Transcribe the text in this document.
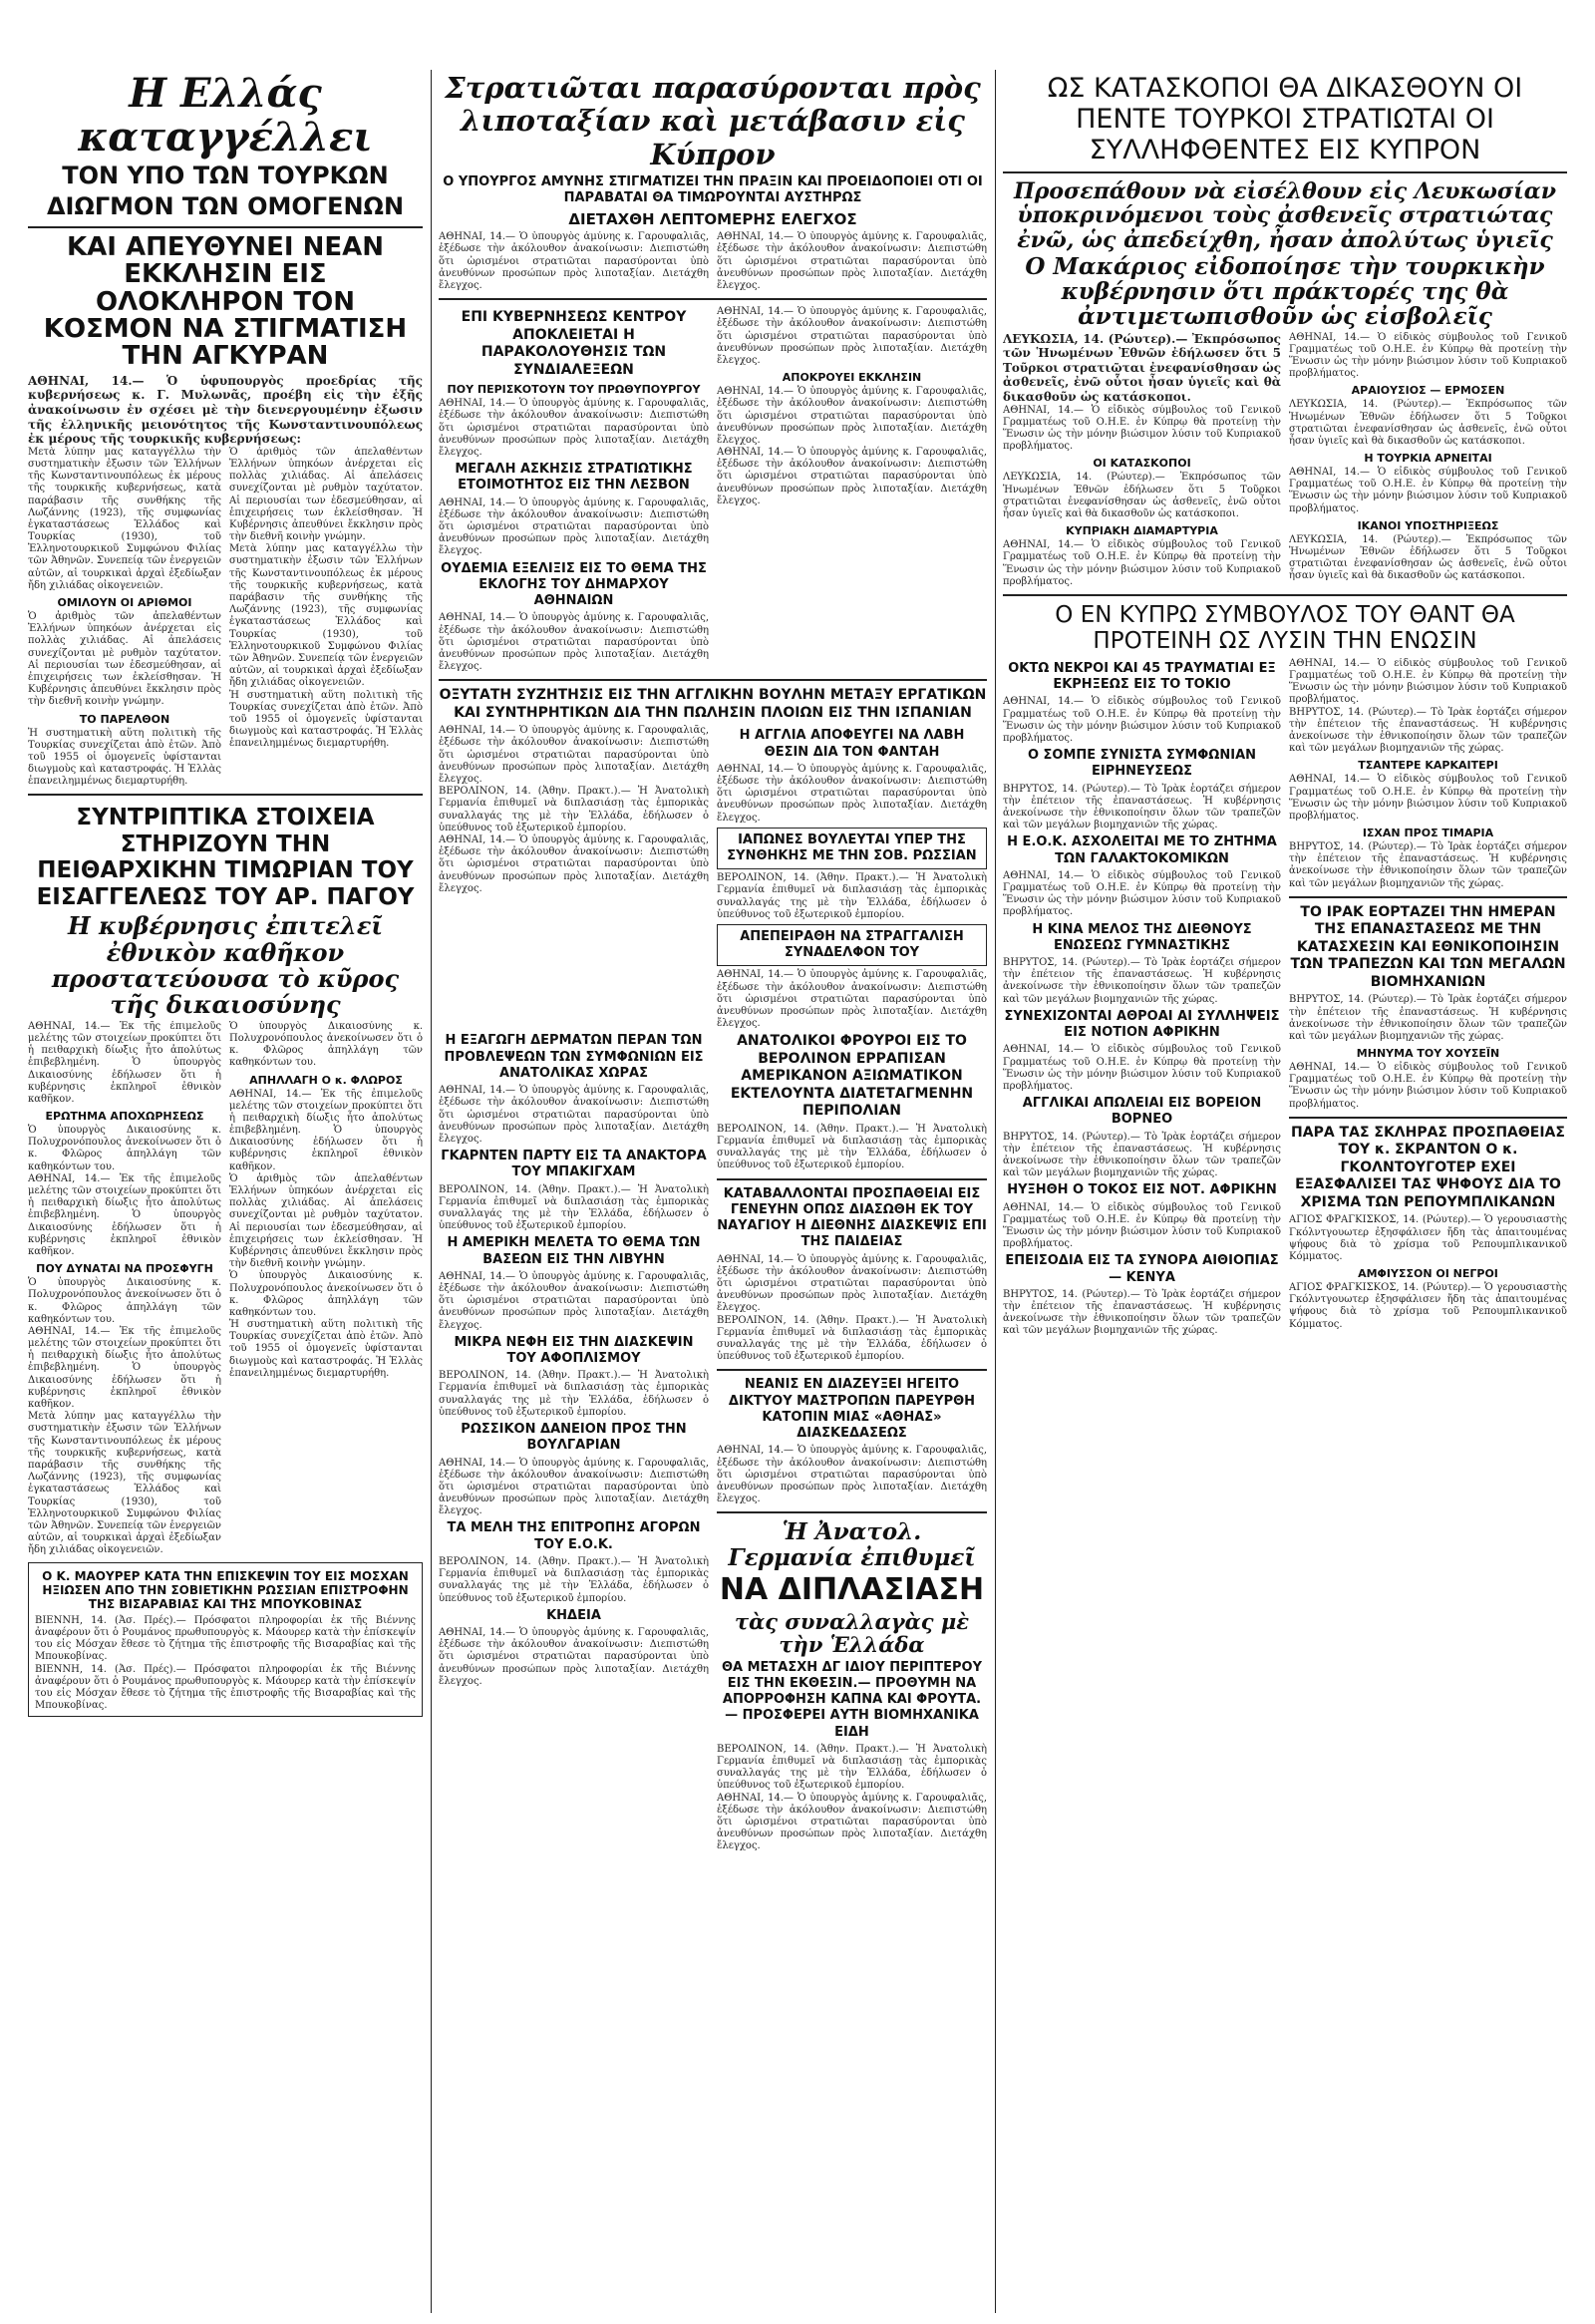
Η Ελλάς καταγγέλλει
ΤΟΝ ΥΠΟ ΤΩΝ ΤΟΥΡΚΩΝ
ΔΙΩΓΜΟΝ ΤΩΝ ΟΜΟΓΕΝΩΝ
ΚΑΙ ΑΠΕΥΘΥΝΕΙ ΝΕΑΝ ΕΚΚΛΗΣΙΝ ΕΙΣ ΟΛΟΚΛΗΡΟΝ ΤΟΝ ΚΟΣΜΟΝ ΝΑ ΣΤΙΓΜΑΤΙΣΗ ΤΗΝ ΑΓΚΥΡΑΝ

ΑΘΗΝΑΙ, 14.— Ὁ ὑφυπουργὸς προεδρίας τῆς κυβερνήσεως κ. Γ. Μυλωνᾶς, προέβη εἰς τὴν ἑξῆς ἀνακοίνωσιν ἐν σχέσει μὲ τὴν διενεργουμένην ἐξωσιν τῆς ἑλληνικῆς μειονότητος τῆς Κωνσταντινουπόλεως ἐκ μέρους τῆς τουρκικῆς κυβερνήσεως:

Μετὰ λύπην μας καταγγέλλω τὴν συστηματικὴν ἐξωσιν τῶν Ἑλλήνων τῆς Κωνσταντινουπόλεως ἐκ μέρους τῆς τουρκικῆς κυβερνήσεως, κατὰ παράβασιν τῆς συνθήκης τῆς Λωζάννης (1923), τῆς συμφωνίας ἐγκαταστάσεως Ἑλλάδος καὶ Τουρκίας (1930), τοῦ Ἑλληνοτουρκικοῦ Συμφώνου Φιλίας τῶν Ἀθηνῶν. Συνεπείᾳ τῶν ἐνεργειῶν αὐτῶν, αἱ τουρκικαὶ ἀρχαὶ ἐξεδίωξαν ἤδη χιλιάδας οἰκογενειῶν.

ΟΜΙΛΟΥΝ ΟΙ ΑΡΙΘΜΟΙ

Ὁ ἀριθμὸς τῶν ἀπελαθέντων Ἑλλήνων ὑπηκόων ἀνέρχεται εἰς πολλὰς χιλιάδας. Αἱ ἀπελάσεις συνεχίζονται μὲ ρυθμὸν ταχύτατον. Αἱ περιουσίαι των ἐδεσμεύθησαν, αἱ ἐπιχειρήσεις των ἐκλείσθησαν. Ἡ Κυβέρνησις ἀπευθύνει ἔκκλησιν πρὸς τὴν διεθνῆ κοινὴν γνώμην.

ΤΟ ΠΑΡΕΛΘΟΝ

Ἡ συστηματικὴ αὕτη πολιτικὴ τῆς Τουρκίας συνεχίζεται ἀπὸ ἐτῶν. Ἀπὸ τοῦ 1955 οἱ ὁμογενεῖς ὑφίστανται διωγμοὺς καὶ καταστροφάς. Ἡ Ἑλλὰς ἐπανειλημμένως διεμαρτυρήθη.

Ὁ ἀριθμὸς τῶν ἀπελαθέντων Ἑλλήνων ὑπηκόων ἀνέρχεται εἰς πολλὰς χιλιάδας. Αἱ ἀπελάσεις συνεχίζονται μὲ ρυθμὸν ταχύτατον. Αἱ περιουσίαι των ἐδεσμεύθησαν, αἱ ἐπιχειρήσεις των ἐκλείσθησαν. Ἡ Κυβέρνησις ἀπευθύνει ἔκκλησιν πρὸς τὴν διεθνῆ κοινὴν γνώμην.

Μετὰ λύπην μας καταγγέλλω τὴν συστηματικὴν ἐξωσιν τῶν Ἑλλήνων τῆς Κωνσταντινουπόλεως ἐκ μέρους τῆς τουρκικῆς κυβερνήσεως, κατὰ παράβασιν τῆς συνθήκης τῆς Λωζάννης (1923), τῆς συμφωνίας ἐγκαταστάσεως Ἑλλάδος καὶ Τουρκίας (1930), τοῦ Ἑλληνοτουρκικοῦ Συμφώνου Φιλίας τῶν Ἀθηνῶν. Συνεπείᾳ τῶν ἐνεργειῶν αὐτῶν, αἱ τουρκικαὶ ἀρχαὶ ἐξεδίωξαν ἤδη χιλιάδας οἰκογενειῶν.

Ἡ συστηματικὴ αὕτη πολιτικὴ τῆς Τουρκίας συνεχίζεται ἀπὸ ἐτῶν. Ἀπὸ τοῦ 1955 οἱ ὁμογενεῖς ὑφίστανται διωγμοὺς καὶ καταστροφάς. Ἡ Ἑλλὰς ἐπανειλημμένως διεμαρτυρήθη.

ΣΥΝΤΡΙΠΤΙΚΑ ΣΤΟΙΧΕΙΑ ΣΤΗΡΙΖΟΥΝ ΤΗΝ ΠΕΙΘΑΡΧΙΚΗΝ ΤΙΜΩΡΙΑΝ ΤΟΥ ΕΙΣΑΓΓΕΛΕΩΣ ΤΟΥ ΑΡ. ΠΑΓΟΥ
Η κυβέρνησις ἐπιτελεῖ ἐθνικὸν καθῆκον προστατεύουσα τὸ κῦρος τῆς δικαιοσύνης

ΑΘΗΝΑΙ, 14.— Ἐκ τῆς ἐπιμελοῦς μελέτης τῶν στοιχείων προκύπτει ὅτι ἡ πειθαρχικὴ δίωξις ἦτο ἀπολύτως ἐπιβεβλημένη. Ὁ ὑπουργὸς Δικαιοσύνης ἐδήλωσεν ὅτι ἡ κυβέρνησις ἐκπληροῖ ἐθνικὸν καθῆκον.

ΕΡΩΤΗΜΑ ΑΠΟΧΩΡΗΣΕΩΣ

Ὁ ὑπουργὸς Δικαιοσύνης κ. Πολυχρονόπουλος ἀνεκοίνωσεν ὅτι ὁ κ. Φλῶρος ἀπηλλάγη τῶν καθηκόντων του.

ΑΘΗΝΑΙ, 14.— Ἐκ τῆς ἐπιμελοῦς μελέτης τῶν στοιχείων προκύπτει ὅτι ἡ πειθαρχικὴ δίωξις ἦτο ἀπολύτως ἐπιβεβλημένη. Ὁ ὑπουργὸς Δικαιοσύνης ἐδήλωσεν ὅτι ἡ κυβέρνησις ἐκπληροῖ ἐθνικὸν καθῆκον.

ΠΟΥ ΔΥΝΑΤΑΙ ΝΑ ΠΡΟΣΦΥΓΗ

Ὁ ὑπουργὸς Δικαιοσύνης κ. Πολυχρονόπουλος ἀνεκοίνωσεν ὅτι ὁ κ. Φλῶρος ἀπηλλάγη τῶν καθηκόντων του.

ΑΘΗΝΑΙ, 14.— Ἐκ τῆς ἐπιμελοῦς μελέτης τῶν στοιχείων προκύπτει ὅτι ἡ πειθαρχικὴ δίωξις ἦτο ἀπολύτως ἐπιβεβλημένη. Ὁ ὑπουργὸς Δικαιοσύνης ἐδήλωσεν ὅτι ἡ κυβέρνησις ἐκπληροῖ ἐθνικὸν καθῆκον.

Μετὰ λύπην μας καταγγέλλω τὴν συστηματικὴν ἐξωσιν τῶν Ἑλλήνων τῆς Κωνσταντινουπόλεως ἐκ μέρους τῆς τουρκικῆς κυβερνήσεως, κατὰ παράβασιν τῆς συνθήκης τῆς Λωζάννης (1923), τῆς συμφωνίας ἐγκαταστάσεως Ἑλλάδος καὶ Τουρκίας (1930), τοῦ Ἑλληνοτουρκικοῦ Συμφώνου Φιλίας τῶν Ἀθηνῶν. Συνεπείᾳ τῶν ἐνεργειῶν αὐτῶν, αἱ τουρκικαὶ ἀρχαὶ ἐξεδίωξαν ἤδη χιλιάδας οἰκογενειῶν.

Ὁ ὑπουργὸς Δικαιοσύνης κ. Πολυχρονόπουλος ἀνεκοίνωσεν ὅτι ὁ κ. Φλῶρος ἀπηλλάγη τῶν καθηκόντων του.

ΑΠΗΛΛΑΓΗ Ο κ. ΦΛΩΡΟΣ

ΑΘΗΝΑΙ, 14.— Ἐκ τῆς ἐπιμελοῦς μελέτης τῶν στοιχείων προκύπτει ὅτι ἡ πειθαρχικὴ δίωξις ἦτο ἀπολύτως ἐπιβεβλημένη. Ὁ ὑπουργὸς Δικαιοσύνης ἐδήλωσεν ὅτι ἡ κυβέρνησις ἐκπληροῖ ἐθνικὸν καθῆκον.

Ὁ ἀριθμὸς τῶν ἀπελαθέντων Ἑλλήνων ὑπηκόων ἀνέρχεται εἰς πολλὰς χιλιάδας. Αἱ ἀπελάσεις συνεχίζονται μὲ ρυθμὸν ταχύτατον. Αἱ περιουσίαι των ἐδεσμεύθησαν, αἱ ἐπιχειρήσεις των ἐκλείσθησαν. Ἡ Κυβέρνησις ἀπευθύνει ἔκκλησιν πρὸς τὴν διεθνῆ κοινὴν γνώμην.

Ὁ ὑπουργὸς Δικαιοσύνης κ. Πολυχρονόπουλος ἀνεκοίνωσεν ὅτι ὁ κ. Φλῶρος ἀπηλλάγη τῶν καθηκόντων του.

Ἡ συστηματικὴ αὕτη πολιτικὴ τῆς Τουρκίας συνεχίζεται ἀπὸ ἐτῶν. Ἀπὸ τοῦ 1955 οἱ ὁμογενεῖς ὑφίστανται διωγμοὺς καὶ καταστροφάς. Ἡ Ἑλλὰς ἐπανειλημμένως διεμαρτυρήθη.

Ο Κ. ΜΑΟΥΡΕΡ ΚΑΤΑ ΤΗΝ ΕΠΙΣΚΕΨΙΝ ΤΟΥ ΕΙΣ ΜΟΣΧΑΝ ΗΞΙΩΣΕΝ ΑΠΟ ΤΗΝ ΣΟΒΙΕΤΙΚΗΝ ΡΩΣΣΙΑΝ ΕΠΙΣΤΡΟΦΗΝ ΤΗΣ ΒΙΣΑΡΑΒΙΑΣ ΚΑΙ ΤΗΣ ΜΠΟΥΚΟΒΙΝΑΣ

ΒΙΕΝΝΗ, 14. (Ἀσ. Πρές).— Πρόσφατοι πληροφορίαι ἐκ τῆς Βιέννης ἀναφέρουν ὅτι ὁ Ρουμάνος πρωθυπουργὸς κ. Μάουρερ κατὰ τὴν ἐπίσκεψίν του εἰς Μόσχαν ἔθεσε τὸ ζήτημα τῆς ἐπιστροφῆς τῆς Βισαραβίας καὶ τῆς Μπουκοβίνας.

ΒΙΕΝΝΗ, 14. (Ἀσ. Πρές).— Πρόσφατοι πληροφορίαι ἐκ τῆς Βιέννης ἀναφέρουν ὅτι ὁ Ρουμάνος πρωθυπουργὸς κ. Μάουρερ κατὰ τὴν ἐπίσκεψίν του εἰς Μόσχαν ἔθεσε τὸ ζήτημα τῆς ἐπιστροφῆς τῆς Βισαραβίας καὶ τῆς Μπουκοβίνας.

Στρατιῶται παρασύρονται πρὸς λιποταξίαν καὶ μετάβασιν εἰς Κύπρον
Ο ΥΠΟΥΡΓΟΣ ΑΜΥΝΗΣ ΣΤΙΓΜΑΤΙΖΕΙ ΤΗΝ ΠΡΑΞΙΝ ΚΑΙ ΠΡΟΕΙΔΟΠΟΙΕΙ ΟΤΙ ΟΙ ΠΑΡΑΒΑΤΑΙ ΘΑ ΤΙΜΩΡΟΥΝΤΑΙ ΑΥΣΤΗΡΩΣ
ΔΙΕΤΑΧΘΗ ΛΕΠΤΟΜΕΡΗΣ ΕΛΕΓΧΟΣ

ΑΘΗΝΑΙ, 14.— Ὁ ὑπουργὸς ἀμύνης κ. Γαρουφαλιᾶς, ἐξέδωσε τὴν ἀκόλουθον ἀνακοίνωσιν: Διεπιστώθη ὅτι ὠρισμένοι στρατιῶται παρασύρονται ὑπὸ ἀνευθύνων προσώπων πρὸς λιποταξίαν. Διετάχθη ἔλεγχος.

ΑΘΗΝΑΙ, 14.— Ὁ ὑπουργὸς ἀμύνης κ. Γαρουφαλιᾶς, ἐξέδωσε τὴν ἀκόλουθον ἀνακοίνωσιν: Διεπιστώθη ὅτι ὠρισμένοι στρατιῶται παρασύρονται ὑπὸ ἀνευθύνων προσώπων πρὸς λιποταξίαν. Διετάχθη ἔλεγχος.

ΕΠΙ ΚΥΒΕΡΝΗΣΕΩΣ ΚΕΝΤΡΟΥ ΑΠΟΚΛΕΙΕΤΑΙ Η ΠΑΡΑΚΟΛΟΥΘΗΣΙΣ ΤΩΝ ΣΥΝΔΙΑΛΕΞΕΩΝ
ΠΟΥ ΠΕΡΙΣΚΟΤΟΥΝ ΤΟΥ ΠΡΩΘΥΠΟΥΡΓΟΥ

ΑΘΗΝΑΙ, 14.— Ὁ ὑπουργὸς ἀμύνης κ. Γαρουφαλιᾶς, ἐξέδωσε τὴν ἀκόλουθον ἀνακοίνωσιν: Διεπιστώθη ὅτι ὠρισμένοι στρατιῶται παρασύρονται ὑπὸ ἀνευθύνων προσώπων πρὸς λιποταξίαν. Διετάχθη ἔλεγχος.

ΜΕΓΑΛΗ ΑΣΚΗΣΙΣ ΣΤΡΑΤΙΩΤΙΚΗΣ ΕΤΟΙΜΟΤΗΤΟΣ ΕΙΣ ΤΗΝ ΛΕΣΒΟΝ

ΑΘΗΝΑΙ, 14.— Ὁ ὑπουργὸς ἀμύνης κ. Γαρουφαλιᾶς, ἐξέδωσε τὴν ἀκόλουθον ἀνακοίνωσιν: Διεπιστώθη ὅτι ὠρισμένοι στρατιῶται παρασύρονται ὑπὸ ἀνευθύνων προσώπων πρὸς λιποταξίαν. Διετάχθη ἔλεγχος.

ΟΥΔΕΜΙΑ ΕΞΕΛΙΞΙΣ ΕΙΣ ΤΟ ΘΕΜΑ ΤΗΣ ΕΚΛΟΓΗΣ ΤΟΥ ΔΗΜΑΡΧΟΥ ΑΘΗΝΑΙΩΝ

ΑΘΗΝΑΙ, 14.— Ὁ ὑπουργὸς ἀμύνης κ. Γαρουφαλιᾶς, ἐξέδωσε τὴν ἀκόλουθον ἀνακοίνωσιν: Διεπιστώθη ὅτι ὠρισμένοι στρατιῶται παρασύρονται ὑπὸ ἀνευθύνων προσώπων πρὸς λιποταξίαν. Διετάχθη ἔλεγχος.

ΑΘΗΝΑΙ, 14.— Ὁ ὑπουργὸς ἀμύνης κ. Γαρουφαλιᾶς, ἐξέδωσε τὴν ἀκόλουθον ἀνακοίνωσιν: Διεπιστώθη ὅτι ὠρισμένοι στρατιῶται παρασύρονται ὑπὸ ἀνευθύνων προσώπων πρὸς λιποταξίαν. Διετάχθη ἔλεγχος.

ΑΠΟΚΡΟΥΕΙ ΕΚΚΛΗΣΙΝ

ΑΘΗΝΑΙ, 14.— Ὁ ὑπουργὸς ἀμύνης κ. Γαρουφαλιᾶς, ἐξέδωσε τὴν ἀκόλουθον ἀνακοίνωσιν: Διεπιστώθη ὅτι ὠρισμένοι στρατιῶται παρασύρονται ὑπὸ ἀνευθύνων προσώπων πρὸς λιποταξίαν. Διετάχθη ἔλεγχος.

ΑΘΗΝΑΙ, 14.— Ὁ ὑπουργὸς ἀμύνης κ. Γαρουφαλιᾶς, ἐξέδωσε τὴν ἀκόλουθον ἀνακοίνωσιν: Διεπιστώθη ὅτι ὠρισμένοι στρατιῶται παρασύρονται ὑπὸ ἀνευθύνων προσώπων πρὸς λιποταξίαν. Διετάχθη ἔλεγχος.

ΟΞΥΤΑΤΗ ΣΥΖΗΤΗΣΙΣ ΕΙΣ ΤΗΝ ΑΓΓΛΙΚΗΝ ΒΟΥΛΗΝ ΜΕΤΑΞΥ ΕΡΓΑΤΙΚΩΝ ΚΑΙ ΣΥΝΤΗΡΗΤΙΚΩΝ ΔΙΑ ΤΗΝ ΠΩΛΗΣΙΝ ΠΛΟΙΩΝ ΕΙΣ ΤΗΝ ΙΣΠΑΝΙΑΝ

ΑΘΗΝΑΙ, 14.— Ὁ ὑπουργὸς ἀμύνης κ. Γαρουφαλιᾶς, ἐξέδωσε τὴν ἀκόλουθον ἀνακοίνωσιν: Διεπιστώθη ὅτι ὠρισμένοι στρατιῶται παρασύρονται ὑπὸ ἀνευθύνων προσώπων πρὸς λιποταξίαν. Διετάχθη ἔλεγχος.

ΒΕΡΟΛΙΝΟΝ, 14. (Ἀθην. Πρακτ.).— Ἡ Ἀνατολικὴ Γερμανία ἐπιθυμεῖ νὰ διπλασιάσῃ τὰς ἐμπορικὰς συναλλαγάς της μὲ τὴν Ἑλλάδα, ἐδήλωσεν ὁ ὑπεύθυνος τοῦ ἐξωτερικοῦ ἐμπορίου.

ΑΘΗΝΑΙ, 14.— Ὁ ὑπουργὸς ἀμύνης κ. Γαρουφαλιᾶς, ἐξέδωσε τὴν ἀκόλουθον ἀνακοίνωσιν: Διεπιστώθη ὅτι ὠρισμένοι στρατιῶται παρασύρονται ὑπὸ ἀνευθύνων προσώπων πρὸς λιποταξίαν. Διετάχθη ἔλεγχος.

Η ΑΓΓΛΙΑ ΑΠΟΦΕΥΓΕΙ ΝΑ ΛΑΒΗ ΘΕΣΙΝ ΔΙΑ ΤΟΝ ΦΑΝΤΑΗ

ΑΘΗΝΑΙ, 14.— Ὁ ὑπουργὸς ἀμύνης κ. Γαρουφαλιᾶς, ἐξέδωσε τὴν ἀκόλουθον ἀνακοίνωσιν: Διεπιστώθη ὅτι ὠρισμένοι στρατιῶται παρασύρονται ὑπὸ ἀνευθύνων προσώπων πρὸς λιποταξίαν. Διετάχθη ἔλεγχος.

ΙΑΠΩΝΕΣ ΒΟΥΛΕΥΤΑΙ ΥΠΕΡ ΤΗΣ ΣΥΝΘΗΚΗΣ ΜΕ ΤΗΝ ΣΟΒ. ΡΩΣΣΙΑΝ

ΒΕΡΟΛΙΝΟΝ, 14. (Ἀθην. Πρακτ.).— Ἡ Ἀνατολικὴ Γερμανία ἐπιθυμεῖ νὰ διπλασιάσῃ τὰς ἐμπορικὰς συναλλαγάς της μὲ τὴν Ἑλλάδα, ἐδήλωσεν ὁ ὑπεύθυνος τοῦ ἐξωτερικοῦ ἐμπορίου.

ΑΠΕΠΕΙΡΑΘΗ ΝΑ ΣΤΡΑΓΓΑΛΙΣΗ ΣΥΝΑΔΕΛΦΟΝ ΤΟΥ

ΑΘΗΝΑΙ, 14.— Ὁ ὑπουργὸς ἀμύνης κ. Γαρουφαλιᾶς, ἐξέδωσε τὴν ἀκόλουθον ἀνακοίνωσιν: Διεπιστώθη ὅτι ὠρισμένοι στρατιῶται παρασύρονται ὑπὸ ἀνευθύνων προσώπων πρὸς λιποταξίαν. Διετάχθη ἔλεγχος.

Η ΕΞΑΓΩΓΗ ΔΕΡΜΑΤΩΝ ΠΕΡΑΝ ΤΩΝ ΠΡΟΒΛΕΨΕΩΝ ΤΩΝ ΣΥΜΦΩΝΙΩΝ ΕΙΣ ΑΝΑΤΟΛΙΚΑΣ ΧΩΡΑΣ

ΑΘΗΝΑΙ, 14.— Ὁ ὑπουργὸς ἀμύνης κ. Γαρουφαλιᾶς, ἐξέδωσε τὴν ἀκόλουθον ἀνακοίνωσιν: Διεπιστώθη ὅτι ὠρισμένοι στρατιῶται παρασύρονται ὑπὸ ἀνευθύνων προσώπων πρὸς λιποταξίαν. Διετάχθη ἔλεγχος.

ΓΚΑΡΝΤΕΝ ΠΑΡΤΥ ΕΙΣ ΤΑ ΑΝΑΚΤΟΡΑ ΤΟΥ ΜΠΑΚΙΓΧΑΜ

ΒΕΡΟΛΙΝΟΝ, 14. (Ἀθην. Πρακτ.).— Ἡ Ἀνατολικὴ Γερμανία ἐπιθυμεῖ νὰ διπλασιάσῃ τὰς ἐμπορικὰς συναλλαγάς της μὲ τὴν Ἑλλάδα, ἐδήλωσεν ὁ ὑπεύθυνος τοῦ ἐξωτερικοῦ ἐμπορίου.

Η ΑΜΕΡΙΚΗ ΜΕΛΕΤΑ ΤΟ ΘΕΜΑ ΤΩΝ ΒΑΣΕΩΝ ΕΙΣ ΤΗΝ ΛΙΒΥΗΝ

ΑΘΗΝΑΙ, 14.— Ὁ ὑπουργὸς ἀμύνης κ. Γαρουφαλιᾶς, ἐξέδωσε τὴν ἀκόλουθον ἀνακοίνωσιν: Διεπιστώθη ὅτι ὠρισμένοι στρατιῶται παρασύρονται ὑπὸ ἀνευθύνων προσώπων πρὸς λιποταξίαν. Διετάχθη ἔλεγχος.

ΜΙΚΡΑ ΝΕΦΗ ΕΙΣ ΤΗΝ ΔΙΑΣΚΕΨΙΝ ΤΟΥ ΑΦΟΠΛΙΣΜΟΥ

ΒΕΡΟΛΙΝΟΝ, 14. (Ἀθην. Πρακτ.).— Ἡ Ἀνατολικὴ Γερμανία ἐπιθυμεῖ νὰ διπλασιάσῃ τὰς ἐμπορικὰς συναλλαγάς της μὲ τὴν Ἑλλάδα, ἐδήλωσεν ὁ ὑπεύθυνος τοῦ ἐξωτερικοῦ ἐμπορίου.

ΡΩΣΣΙΚΟΝ ΔΑΝΕΙΟΝ ΠΡΟΣ ΤΗΝ ΒΟΥΛΓΑΡΙΑΝ

ΑΘΗΝΑΙ, 14.— Ὁ ὑπουργὸς ἀμύνης κ. Γαρουφαλιᾶς, ἐξέδωσε τὴν ἀκόλουθον ἀνακοίνωσιν: Διεπιστώθη ὅτι ὠρισμένοι στρατιῶται παρασύρονται ὑπὸ ἀνευθύνων προσώπων πρὸς λιποταξίαν. Διετάχθη ἔλεγχος.

ΤΑ ΜΕΛΗ ΤΗΣ ΕΠΙΤΡΟΠΗΣ ΑΓΟΡΩΝ ΤΟΥ Ε.Ο.Κ.

ΒΕΡΟΛΙΝΟΝ, 14. (Ἀθην. Πρακτ.).— Ἡ Ἀνατολικὴ Γερμανία ἐπιθυμεῖ νὰ διπλασιάσῃ τὰς ἐμπορικὰς συναλλαγάς της μὲ τὴν Ἑλλάδα, ἐδήλωσεν ὁ ὑπεύθυνος τοῦ ἐξωτερικοῦ ἐμπορίου.

ΚΗΔΕΙΑ

ΑΘΗΝΑΙ, 14.— Ὁ ὑπουργὸς ἀμύνης κ. Γαρουφαλιᾶς, ἐξέδωσε τὴν ἀκόλουθον ἀνακοίνωσιν: Διεπιστώθη ὅτι ὠρισμένοι στρατιῶται παρασύρονται ὑπὸ ἀνευθύνων προσώπων πρὸς λιποταξίαν. Διετάχθη ἔλεγχος.

ΑΝΑΤΟΛΙΚΟΙ ΦΡΟΥΡΟΙ ΕΙΣ ΤΟ ΒΕΡΟΛΙΝΟΝ ΕΡΡΑΠΙΣΑΝ ΑΜΕΡΙΚΑΝΟΝ ΑΞΙΩΜΑΤΙΚΟΝ ΕΚΤΕΛΟΥΝΤΑ ΔΙΑΤΕΤΑΓΜΕΝΗΝ ΠΕΡΙΠΟΛΙΑΝ

ΒΕΡΟΛΙΝΟΝ, 14. (Ἀθην. Πρακτ.).— Ἡ Ἀνατολικὴ Γερμανία ἐπιθυμεῖ νὰ διπλασιάσῃ τὰς ἐμπορικὰς συναλλαγάς της μὲ τὴν Ἑλλάδα, ἐδήλωσεν ὁ ὑπεύθυνος τοῦ ἐξωτερικοῦ ἐμπορίου.

ΚΑΤΑΒΑΛΛΟΝΤΑΙ ΠΡΟΣΠΑΘΕΙΑΙ ΕΙΣ ΓΕΝΕΥΗΝ ΟΠΩΣ ΔΙΑΣΩΘΗ ΕΚ ΤΟΥ ΝΑΥΑΓΙΟΥ Η ΔΙΕΘΝΗΣ ΔΙΑΣΚΕΨΙΣ ΕΠΙ ΤΗΣ ΠΑΙΔΕΙΑΣ

ΑΘΗΝΑΙ, 14.— Ὁ ὑπουργὸς ἀμύνης κ. Γαρουφαλιᾶς, ἐξέδωσε τὴν ἀκόλουθον ἀνακοίνωσιν: Διεπιστώθη ὅτι ὠρισμένοι στρατιῶται παρασύρονται ὑπὸ ἀνευθύνων προσώπων πρὸς λιποταξίαν. Διετάχθη ἔλεγχος.

ΒΕΡΟΛΙΝΟΝ, 14. (Ἀθην. Πρακτ.).— Ἡ Ἀνατολικὴ Γερμανία ἐπιθυμεῖ νὰ διπλασιάσῃ τὰς ἐμπορικὰς συναλλαγάς της μὲ τὴν Ἑλλάδα, ἐδήλωσεν ὁ ὑπεύθυνος τοῦ ἐξωτερικοῦ ἐμπορίου.

ΝΕΑΝΙΣ ΕΝ ΔΙΑΖΕΥΞΕΙ ΗΓΕΙΤΟ ΔΙΚΤΥΟΥ ΜΑΣΤΡΟΠΩΝ ΠΑΡΕΥΡΘΗ ΚΑΤΟΠΙΝ ΜΙΑΣ «ΑΘΗΑΣ» ΔΙΑΣΚΕΔΑΣΕΩΣ

ΑΘΗΝΑΙ, 14.— Ὁ ὑπουργὸς ἀμύνης κ. Γαρουφαλιᾶς, ἐξέδωσε τὴν ἀκόλουθον ἀνακοίνωσιν: Διεπιστώθη ὅτι ὠρισμένοι στρατιῶται παρασύρονται ὑπὸ ἀνευθύνων προσώπων πρὸς λιποταξίαν. Διετάχθη ἔλεγχος.

Ἡ Ἀνατολ. Γερμανία ἐπιθυμεῖ
ΝΑ ΔΙΠΛΑΣΙΑΣΗ
τὰς συναλλαγὰς μὲ τὴν Ἑλλάδα
ΘΑ ΜΕΤΑΣΧΗ ΔΓ ΙΔΙΟΥ ΠΕΡΙΠΤΕΡΟΥ ΕΙΣ ΤΗΝ ΕΚΘΕΣΙΝ.— ΠΡΟΘΥΜΗ ΝΑ ΑΠΟΡΡΟΦΗΣΗ ΚΑΠΝΑ ΚΑΙ ΦΡΟΥΤΑ.— ΠΡΟΣΦΕΡΕΙ ΑΥΤΗ ΒΙΟΜΗΧΑΝΙΚΑ ΕΙΔΗ

ΒΕΡΟΛΙΝΟΝ, 14. (Ἀθην. Πρακτ.).— Ἡ Ἀνατολικὴ Γερμανία ἐπιθυμεῖ νὰ διπλασιάσῃ τὰς ἐμπορικὰς συναλλαγάς της μὲ τὴν Ἑλλάδα, ἐδήλωσεν ὁ ὑπεύθυνος τοῦ ἐξωτερικοῦ ἐμπορίου.

ΑΘΗΝΑΙ, 14.— Ὁ ὑπουργὸς ἀμύνης κ. Γαρουφαλιᾶς, ἐξέδωσε τὴν ἀκόλουθον ἀνακοίνωσιν: Διεπιστώθη ὅτι ὠρισμένοι στρατιῶται παρασύρονται ὑπὸ ἀνευθύνων προσώπων πρὸς λιποταξίαν. Διετάχθη ἔλεγχος.

ΩΣ ΚΑΤΑΣΚΟΠΟΙ ΘΑ ΔΙΚΑΣΘΟΥΝ ΟΙ ΠΕΝΤΕ ΤΟΥΡΚΟΙ ΣΤΡΑΤΙΩΤΑΙ ΟΙ ΣΥΛΛΗΦΘΕΝΤΕΣ ΕΙΣ ΚΥΠΡΟΝ
Προσεπάθουν νὰ εἰσέλθουν εἰς Λευκωσίαν ὑποκρινόμενοι τοὺς ἀσθενεῖς στρατιώτας ἐνῶ, ὡς ἀπεδείχθη, ἦσαν ἀπολύτως ὑγιεῖς
Ο Μακάριος εἰδοποίησε τὴν τουρκικὴν κυβέρνησιν ὅτι πράκτορές της θὰ ἀντιμετωπισθοῦν ὡς εἰσβολεῖς

ΛΕΥΚΩΣΙΑ, 14. (Ρώυτερ).— Ἐκπρόσωπος τῶν Ἡνωμένων Ἐθνῶν ἐδήλωσεν ὅτι 5 Τοῦρκοι στρατιῶται ἐνεφανίσθησαν ὡς ἀσθενεῖς, ἐνῶ οὗτοι ἦσαν ὑγιεῖς καὶ θὰ δικασθοῦν ὡς κατάσκοποι.

ΑΘΗΝΑΙ, 14.— Ὁ εἰδικὸς σύμβουλος τοῦ Γενικοῦ Γραμματέως τοῦ Ο.Η.Ε. ἐν Κύπρῳ θὰ προτείνῃ τὴν Ἕνωσιν ὡς τὴν μόνην βιώσιμον λύσιν τοῦ Κυπριακοῦ προβλήματος.

ΟΙ ΚΑΤΑΣΚΟΠΟΙ

ΛΕΥΚΩΣΙΑ, 14. (Ρώυτερ).— Ἐκπρόσωπος τῶν Ἡνωμένων Ἐθνῶν ἐδήλωσεν ὅτι 5 Τοῦρκοι στρατιῶται ἐνεφανίσθησαν ὡς ἀσθενεῖς, ἐνῶ οὗτοι ἦσαν ὑγιεῖς καὶ θὰ δικασθοῦν ὡς κατάσκοποι.

ΚΥΠΡΙΑΚΗ ΔΙΑΜΑΡΤΥΡΙΑ

ΑΘΗΝΑΙ, 14.— Ὁ εἰδικὸς σύμβουλος τοῦ Γενικοῦ Γραμματέως τοῦ Ο.Η.Ε. ἐν Κύπρῳ θὰ προτείνῃ τὴν Ἕνωσιν ὡς τὴν μόνην βιώσιμον λύσιν τοῦ Κυπριακοῦ προβλήματος.

ΑΘΗΝΑΙ, 14.— Ὁ εἰδικὸς σύμβουλος τοῦ Γενικοῦ Γραμματέως τοῦ Ο.Η.Ε. ἐν Κύπρῳ θὰ προτείνῃ τὴν Ἕνωσιν ὡς τὴν μόνην βιώσιμον λύσιν τοῦ Κυπριακοῦ προβλήματος.

ΑΡΑΙΟΥΣΙΟΣ — ΕΡΜΟΣΕΝ

ΛΕΥΚΩΣΙΑ, 14. (Ρώυτερ).— Ἐκπρόσωπος τῶν Ἡνωμένων Ἐθνῶν ἐδήλωσεν ὅτι 5 Τοῦρκοι στρατιῶται ἐνεφανίσθησαν ὡς ἀσθενεῖς, ἐνῶ οὗτοι ἦσαν ὑγιεῖς καὶ θὰ δικασθοῦν ὡς κατάσκοποι.

Η ΤΟΥΡΚΙΑ ΑΡΝΕΙΤΑΙ

ΑΘΗΝΑΙ, 14.— Ὁ εἰδικὸς σύμβουλος τοῦ Γενικοῦ Γραμματέως τοῦ Ο.Η.Ε. ἐν Κύπρῳ θὰ προτείνῃ τὴν Ἕνωσιν ὡς τὴν μόνην βιώσιμον λύσιν τοῦ Κυπριακοῦ προβλήματος.

ΙΚΑΝΟΙ ΥΠΟΣΤΗΡΙΞΕΩΣ

ΛΕΥΚΩΣΙΑ, 14. (Ρώυτερ).— Ἐκπρόσωπος τῶν Ἡνωμένων Ἐθνῶν ἐδήλωσεν ὅτι 5 Τοῦρκοι στρατιῶται ἐνεφανίσθησαν ὡς ἀσθενεῖς, ἐνῶ οὗτοι ἦσαν ὑγιεῖς καὶ θὰ δικασθοῦν ὡς κατάσκοποι.

Ο ΕΝ ΚΥΠΡΩ ΣΥΜΒΟΥΛΟΣ ΤΟΥ ΘΑΝΤ ΘΑ ΠΡΟΤΕΙΝΗ ΩΣ ΛΥΣΙΝ ΤΗΝ ΕΝΩΣΙΝ
ΟΚΤΩ ΝΕΚΡΟΙ ΚΑΙ 45 ΤΡΑΥΜΑΤΙΑΙ ΕΞ ΕΚΡΗΞΕΩΣ ΕΙΣ ΤΟ ΤΟΚΙΟ

ΑΘΗΝΑΙ, 14.— Ὁ εἰδικὸς σύμβουλος τοῦ Γενικοῦ Γραμματέως τοῦ Ο.Η.Ε. ἐν Κύπρῳ θὰ προτείνῃ τὴν Ἕνωσιν ὡς τὴν μόνην βιώσιμον λύσιν τοῦ Κυπριακοῦ προβλήματος.

Ο ΣΟΜΠΕ ΣΥΝΙΣΤΑ ΣΥΜΦΩΝΙΑΝ ΕΙΡΗΝΕΥΣΕΩΣ

ΒΗΡΥΤΟΣ, 14. (Ρώυτερ).— Τὸ Ἰρὰκ ἑορτάζει σήμερον τὴν ἐπέτειον τῆς ἐπαναστάσεως. Ἡ κυβέρνησις ἀνεκοίνωσε τὴν ἐθνικοποίησιν ὅλων τῶν τραπεζῶν καὶ τῶν μεγάλων βιομηχανιῶν τῆς χώρας.

Η Ε.Ο.Κ. ΑΣΧΟΛΕΙΤΑΙ ΜΕ ΤΟ ΖΗΤΗΜΑ ΤΩΝ ΓΑΛΑΚΤΟΚΟΜΙΚΩΝ

ΑΘΗΝΑΙ, 14.— Ὁ εἰδικὸς σύμβουλος τοῦ Γενικοῦ Γραμματέως τοῦ Ο.Η.Ε. ἐν Κύπρῳ θὰ προτείνῃ τὴν Ἕνωσιν ὡς τὴν μόνην βιώσιμον λύσιν τοῦ Κυπριακοῦ προβλήματος.

Η ΚΙΝΑ ΜΕΛΟΣ ΤΗΣ ΔΙΕΘΝΟΥΣ ΕΝΩΣΕΩΣ ΓΥΜΝΑΣΤΙΚΗΣ

ΒΗΡΥΤΟΣ, 14. (Ρώυτερ).— Τὸ Ἰρὰκ ἑορτάζει σήμερον τὴν ἐπέτειον τῆς ἐπαναστάσεως. Ἡ κυβέρνησις ἀνεκοίνωσε τὴν ἐθνικοποίησιν ὅλων τῶν τραπεζῶν καὶ τῶν μεγάλων βιομηχανιῶν τῆς χώρας.

ΣΥΝΕΧΙΖΟΝΤΑΙ ΑΘΡΟΑΙ ΑΙ ΣΥΛΛΗΨΕΙΣ ΕΙΣ ΝΟΤΙΟΝ ΑΦΡΙΚΗΝ

ΑΘΗΝΑΙ, 14.— Ὁ εἰδικὸς σύμβουλος τοῦ Γενικοῦ Γραμματέως τοῦ Ο.Η.Ε. ἐν Κύπρῳ θὰ προτείνῃ τὴν Ἕνωσιν ὡς τὴν μόνην βιώσιμον λύσιν τοῦ Κυπριακοῦ προβλήματος.

ΑΓΓΛΙΚΑΙ ΑΠΩΛΕΙΑΙ ΕΙΣ ΒΟΡΕΙΟΝ ΒΟΡΝΕΟ

ΒΗΡΥΤΟΣ, 14. (Ρώυτερ).— Τὸ Ἰρὰκ ἑορτάζει σήμερον τὴν ἐπέτειον τῆς ἐπαναστάσεως. Ἡ κυβέρνησις ἀνεκοίνωσε τὴν ἐθνικοποίησιν ὅλων τῶν τραπεζῶν καὶ τῶν μεγάλων βιομηχανιῶν τῆς χώρας.

ΗΥΞΗΘΗ Ο ΤΟΚΟΣ ΕΙΣ ΝΟΤ. ΑΦΡΙΚΗΝ

ΑΘΗΝΑΙ, 14.— Ὁ εἰδικὸς σύμβουλος τοῦ Γενικοῦ Γραμματέως τοῦ Ο.Η.Ε. ἐν Κύπρῳ θὰ προτείνῃ τὴν Ἕνωσιν ὡς τὴν μόνην βιώσιμον λύσιν τοῦ Κυπριακοῦ προβλήματος.

ΕΠΕΙΣΟΔΙΑ ΕΙΣ ΤΑ ΣΥΝΟΡΑ ΑΙΘΙΟΠΙΑΣ — ΚΕΝΥΑ

ΒΗΡΥΤΟΣ, 14. (Ρώυτερ).— Τὸ Ἰρὰκ ἑορτάζει σήμερον τὴν ἐπέτειον τῆς ἐπαναστάσεως. Ἡ κυβέρνησις ἀνεκοίνωσε τὴν ἐθνικοποίησιν ὅλων τῶν τραπεζῶν καὶ τῶν μεγάλων βιομηχανιῶν τῆς χώρας.

ΑΘΗΝΑΙ, 14.— Ὁ εἰδικὸς σύμβουλος τοῦ Γενικοῦ Γραμματέως τοῦ Ο.Η.Ε. ἐν Κύπρῳ θὰ προτείνῃ τὴν Ἕνωσιν ὡς τὴν μόνην βιώσιμον λύσιν τοῦ Κυπριακοῦ προβλήματος.

ΒΗΡΥΤΟΣ, 14. (Ρώυτερ).— Τὸ Ἰρὰκ ἑορτάζει σήμερον τὴν ἐπέτειον τῆς ἐπαναστάσεως. Ἡ κυβέρνησις ἀνεκοίνωσε τὴν ἐθνικοποίησιν ὅλων τῶν τραπεζῶν καὶ τῶν μεγάλων βιομηχανιῶν τῆς χώρας.

ΤΣΑΝΤΕΡΕ ΚΑΡΚΑΙΤΕΡΙ

ΑΘΗΝΑΙ, 14.— Ὁ εἰδικὸς σύμβουλος τοῦ Γενικοῦ Γραμματέως τοῦ Ο.Η.Ε. ἐν Κύπρῳ θὰ προτείνῃ τὴν Ἕνωσιν ὡς τὴν μόνην βιώσιμον λύσιν τοῦ Κυπριακοῦ προβλήματος.

ΙΣΧΑΝ ΠΡΟΣ ΤΙΜΑΡΙΑ

ΒΗΡΥΤΟΣ, 14. (Ρώυτερ).— Τὸ Ἰρὰκ ἑορτάζει σήμερον τὴν ἐπέτειον τῆς ἐπαναστάσεως. Ἡ κυβέρνησις ἀνεκοίνωσε τὴν ἐθνικοποίησιν ὅλων τῶν τραπεζῶν καὶ τῶν μεγάλων βιομηχανιῶν τῆς χώρας.

ΤΟ ΙΡΑΚ ΕΟΡΤΑΖΕΙ ΤΗΝ ΗΜΕΡΑΝ ΤΗΣ ΕΠΑΝΑΣΤΑΣΕΩΣ ΜΕ ΤΗΝ ΚΑΤΑΣΧΕΣΙΝ ΚΑΙ ΕΘΝΙΚΟΠΟΙΗΣΙΝ ΤΩΝ ΤΡΑΠΕΖΩΝ ΚΑΙ ΤΩΝ ΜΕΓΑΛΩΝ ΒΙΟΜΗΧΑΝΙΩΝ

ΒΗΡΥΤΟΣ, 14. (Ρώυτερ).— Τὸ Ἰρὰκ ἑορτάζει σήμερον τὴν ἐπέτειον τῆς ἐπαναστάσεως. Ἡ κυβέρνησις ἀνεκοίνωσε τὴν ἐθνικοποίησιν ὅλων τῶν τραπεζῶν καὶ τῶν μεγάλων βιομηχανιῶν τῆς χώρας.

ΜΗΝΥΜΑ ΤΟΥ ΧΟΥΣΕΪΝ

ΑΘΗΝΑΙ, 14.— Ὁ εἰδικὸς σύμβουλος τοῦ Γενικοῦ Γραμματέως τοῦ Ο.Η.Ε. ἐν Κύπρῳ θὰ προτείνῃ τὴν Ἕνωσιν ὡς τὴν μόνην βιώσιμον λύσιν τοῦ Κυπριακοῦ προβλήματος.

ΠΑΡΑ ΤΑΣ ΣΚΛΗΡΑΣ ΠΡΟΣΠΑΘΕΙΑΣ ΤΟΥ κ. ΣΚΡΑΝΤΟΝ Ο κ. ΓΚΟΛΝΤΟΥΓΟΤΕΡ ΕΧΕΙ ΕΞΑΣΦΑΛΙΣΕΙ ΤΑΣ ΨΗΦΟΥΣ ΔΙΑ ΤΟ ΧΡΙΣΜΑ ΤΩΝ ΡΕΠΟΥΜΠΛΙΚΑΝΩΝ

ΑΓΙΟΣ ΦΡΑΓΚΙΣΚΟΣ, 14. (Ρώυτερ).— Ὁ γερουσιαστὴς Γκόλντγουωτερ ἐξησφάλισεν ἤδη τὰς ἀπαιτουμένας ψήφους διὰ τὸ χρίσμα τοῦ Ρεπουμπλικανικοῦ Κόμματος.

ΑΜΦΙΥΣΣΟΝ ΟΙ ΝΕΓΡΟΙ

ΑΓΙΟΣ ΦΡΑΓΚΙΣΚΟΣ, 14. (Ρώυτερ).— Ὁ γερουσιαστὴς Γκόλντγουωτερ ἐξησφάλισεν ἤδη τὰς ἀπαιτουμένας ψήφους διὰ τὸ χρίσμα τοῦ Ρεπουμπλικανικοῦ Κόμματος.
